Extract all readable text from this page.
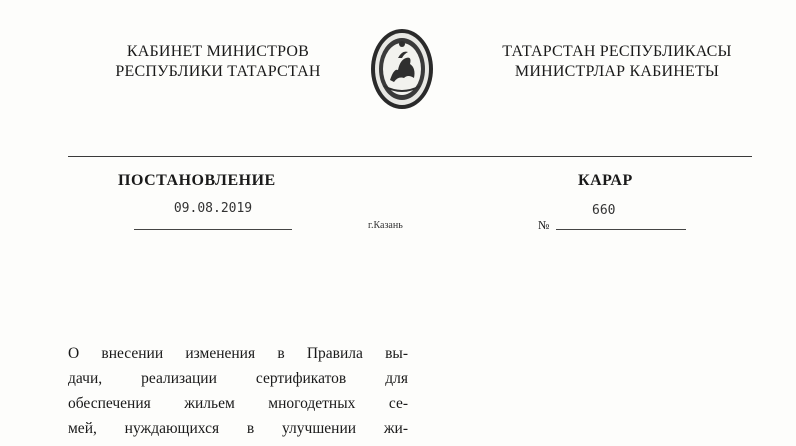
КАБИНЕТ МИНИСТРОВ
РЕСПУБЛИКИ ТАТАРСТАН
ТАТАРСТАН РЕСПУБЛИКАСЫ
МИНИСТРЛАР КАБИНЕТЫ
ПОСТАНОВЛЕНИЕ	КАРАР
09.08.2019
г.Казань	№
660
О внесении изменения в Правила вы-
дачи, реализации сертификатов для
обеспечения жильем многодетных се-
мей, нуждающихся в улучшении жи-
